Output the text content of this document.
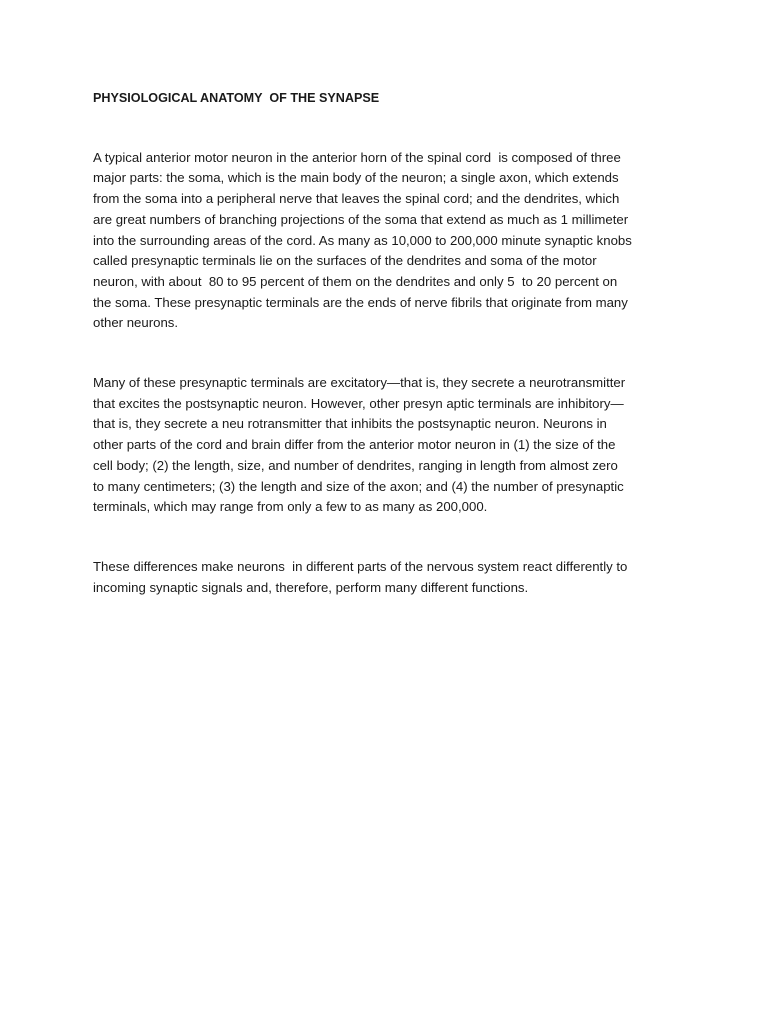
PHYSIOLOGICAL ANATOMY  OF THE SYNAPSE
A typical anterior motor neuron in the anterior horn of the spinal cord  is composed of three
major parts: the soma, which is the main body of the neuron; a single axon, which extends
from the soma into a peripheral nerve that leaves the spinal cord; and the dendrites, which
are great numbers of branching projections of the soma that extend as much as 1 millimeter
into the surrounding areas of the cord. As many as 10,000 to 200,000 minute synaptic knobs
called presynaptic terminals lie on the surfaces of the dendrites and soma of the motor
neuron, with about  80 to 95 percent of them on the dendrites and only 5  to 20 percent on
the soma. These presynaptic terminals are the ends of nerve fibrils that originate from many
other neurons.
Many of these presynaptic terminals are excitatory—that is, they secrete a neurotransmitter
that excites the postsynaptic neuron. However, other presyn aptic terminals are inhibitory—
that is, they secrete a neu rotransmitter that inhibits the postsynaptic neuron. Neurons in
other parts of the cord and brain differ from the anterior motor neuron in (1) the size of the
cell body; (2) the length, size, and number of dendrites, ranging in length from almost zero
to many centimeters; (3) the length and size of the axon; and (4) the number of presynaptic
terminals, which may range from only a few to as many as 200,000.
These differences make neurons  in different parts of the nervous system react differently to
incoming synaptic signals and, therefore, perform many different functions.
